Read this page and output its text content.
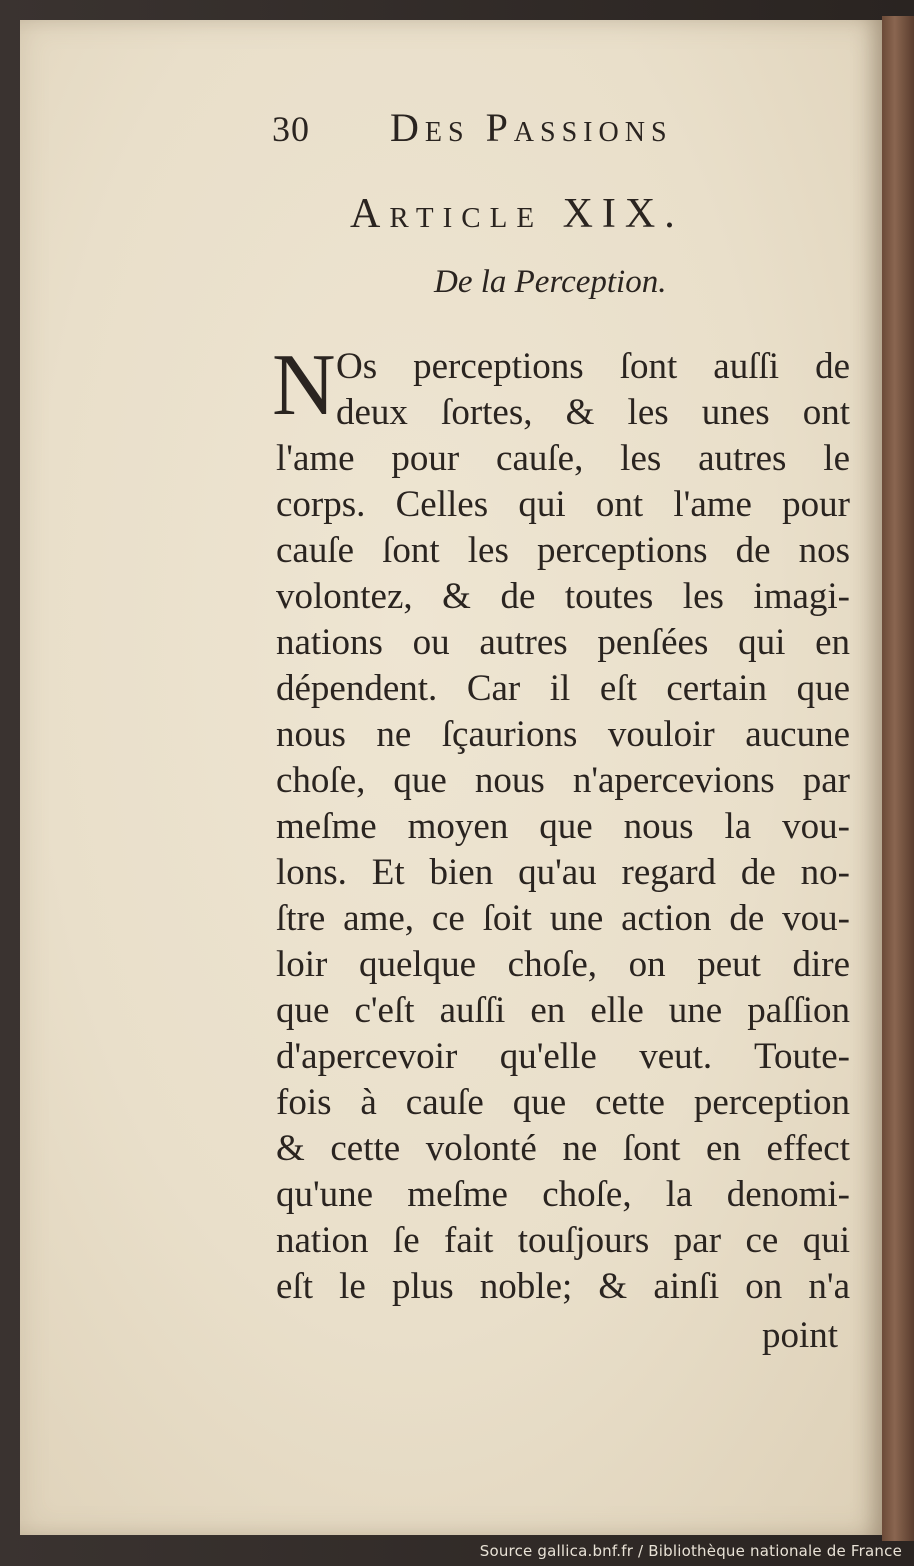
30 Des Passions
Article XIX.
De la Perception.
N Os perceptions ſont auſſi de
deux ſortes, & les unes ont
l'ame pour cauſe, les autres le
corps. Celles qui ont l'ame pour
cauſe ſont les perceptions de nos
volontez, & de toutes les imagi-
nations ou autres penſées qui en
dépendent. Car il eſt certain que
nous ne ſçaurions vouloir aucune
choſe, que nous n'apercevions par
meſme moyen que nous la vou-
lons. Et bien qu'au regard de no-
ſtre ame, ce ſoit une action de vou-
loir quelque choſe, on peut dire
que c'eſt auſſi en elle une paſſion
d'apercevoir qu'elle veut. Toute-
fois à cauſe que cette perception
& cette volonté ne ſont en effect
qu'une meſme choſe, la denomi-
nation ſe fait touſjours par ce qui
eſt le plus noble; & ainſi on n'a
point
Source gallica.bnf.fr / Bibliothèque nationale de France
